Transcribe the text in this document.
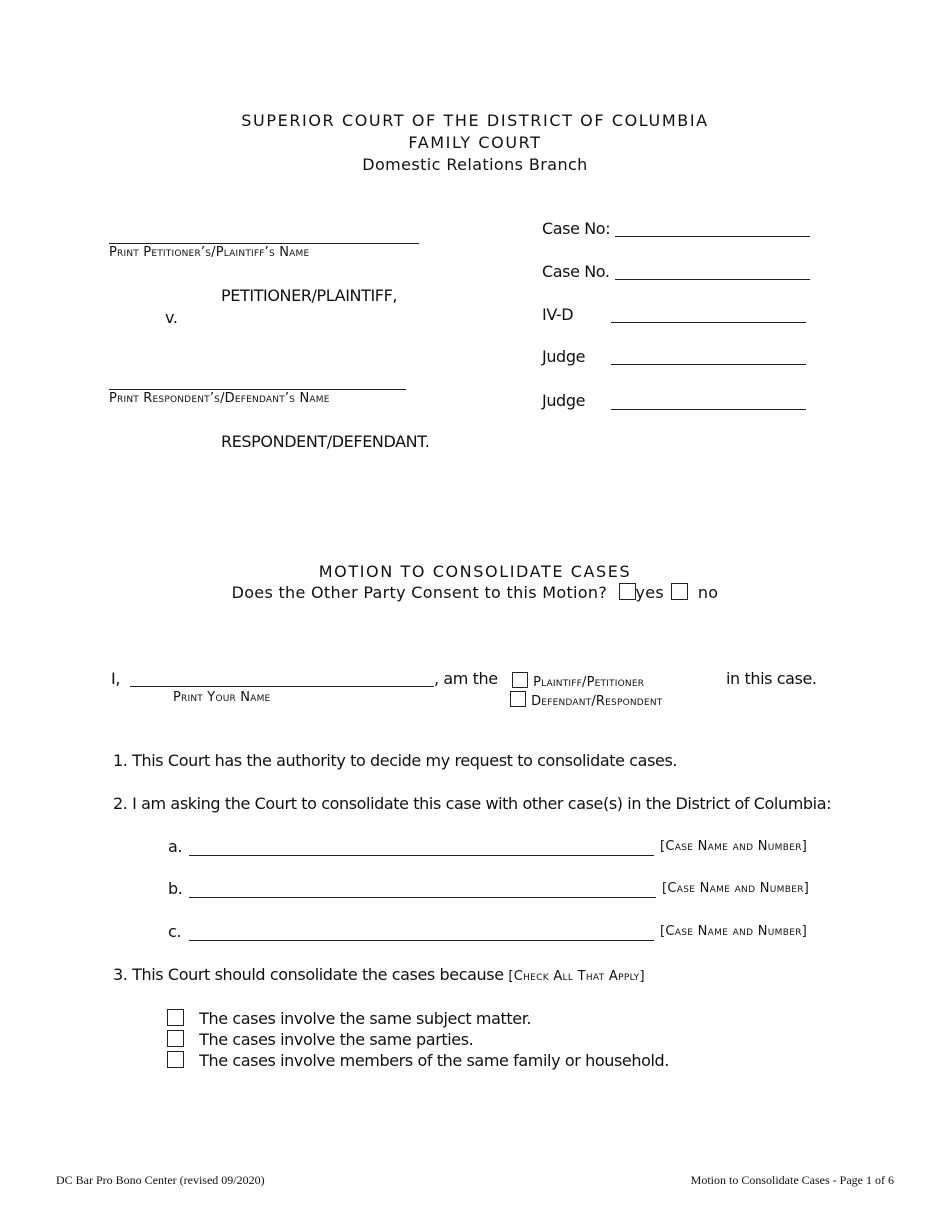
SUPERIOR COURT OF THE DISTRICT OF COLUMBIA
FAMILY COURT
Domestic Relations Branch
Print Petitioner’s/Plaintiff’s Name
PETITIONER/PLAINTIFF,
v.
Print Respondent’s/Defendant’s Name
RESPONDENT/DEFENDANT.
Case No:
Case No.
IV-D
Judge
Judge
MOTION TO CONSOLIDATE CASES
Does the Other Party Consent to this Motion? yes no
I,	, am the
Print Your Name
Plaintiff/Petitioner
Defendant/Respondent
in this case.
1. This Court has the authority to decide my request to consolidate cases.
2. I am asking the Court to consolidate this case with other case(s) in the District of Columbia:
a.	[Case Name and Number]
b.	[Case Name and Number]
c.	[Case Name and Number]
3. This Court should consolidate the cases because [Check All That Apply]
The cases involve the same subject matter.
The cases involve the same parties.
The cases involve members of the same family or household.
DC Bar Pro Bono Center (revised 09/2020)	Motion to Consolidate Cases - Page 1 of 6
